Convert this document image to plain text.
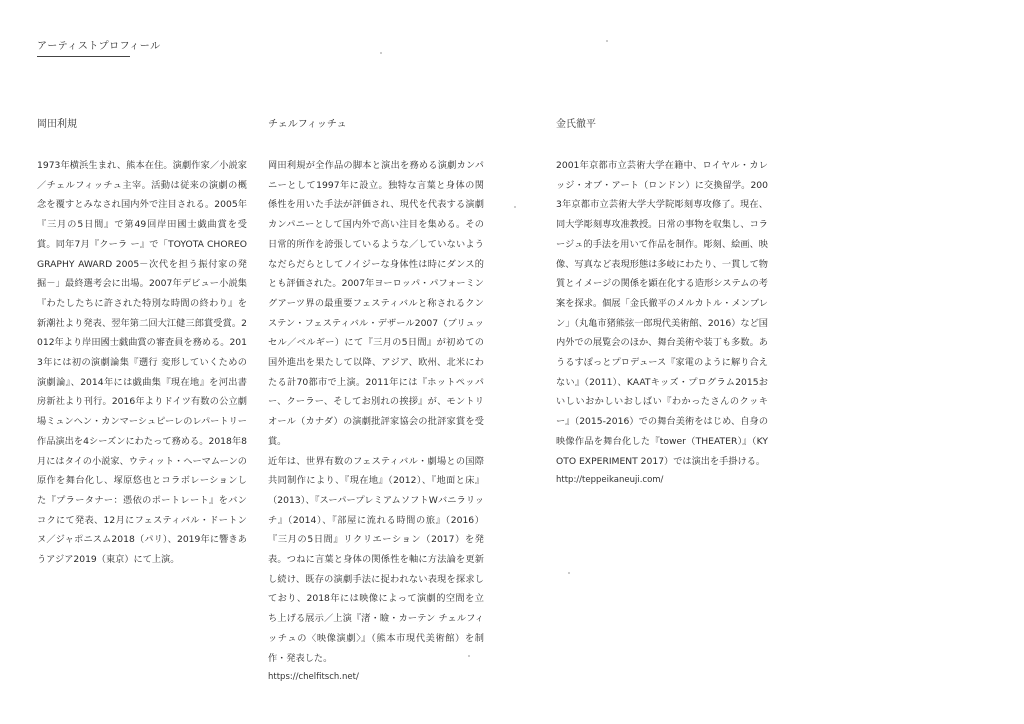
アーティストプロフィール
岡田利規
1973年横浜生まれ、熊本在住。演劇作家／小説家／チェルフィッチュ主宰。活動は従来の演劇の概念を覆すとみなされ国内外で注目される。2005年『三月の5日間』で第49回岸田國士戯曲賞を受賞。同年7月『クーラ ー』で「TOYOTA CHOREOGRAPHY AWARD 2005－次代を担う振付家の発掘－」最終選考会に出場。2007年デビュー小説集『わたしたちに許された特別な時間の終わり』を新潮社より発表、翌年第二回大江健三郎賞受賞。2012年より岸田國士戯曲賞の審査員を務める。2013年には初の演劇論集『遡行 変形していくための演劇論』、2014年には戯曲集『現在地』を河出書房新社より刊行。2016年よりドイツ有数の公立劇場ミュンヘン・カンマーシュピーレのレパートリー作品演出を4シーズンにわたって務める。2018年8月にはタイの小説家、ウティット・ヘーマムーンの原作を舞台化し、塚原悠也とコラボレーションした『プラータナー：憑依のポートレート』をバンコクにて発表、12月にフェスティバル・ドートンヌ／ジャポニスム2018（パリ）、2019年に響きあうアジア2019（東京）にて上演。
チェルフィッチュ
岡田利規が全作品の脚本と演出を務める演劇カンパニーとして1997年に設立。独特な言葉と身体の関係性を用いた手法が評価され、現代を代表する演劇カンパニーとして国内外で高い注目を集める。その日常的所作を誇張しているような／していないようなだらだらとしてノイジーな身体性は時にダンス的とも評価された。2007年ヨーロッパ・パフォーミングアーツ界の最重要フェスティバルと称されるクンステン・フェスティバル・デザール2007（ブリュッセル／ベルギー）にて『三月の5日間』が初めての国外進出を果たして以降、アジア、欧州、北米にわたる計70都市で上演。2011年には『ホットペッパー、クーラー、そしてお別れの挨拶』が、モントリオール（カナダ）の演劇批評家協会の批評家賞を受賞。
近年は、世界有数のフェスティバル・劇場との国際共同制作により、『現在地』（2012）、『地面と床』（2013）、『スーパープレミアムソフトWバニラリッチ』（2014）、『部屋に流れる時間の旅』（2016）『三月の5日間』リクリエーション（2017）を発表。つねに言葉と身体の関係性を軸に方法論を更新し続け、既存の演劇手法に捉われない表現を探求しており、2018年には映像によって演劇的空間を立ち上げる展示／上演『渚・瞼・カーテン チェルフィッチュの〈映像演劇〉』（熊本市現代美術館）を制作・発表した。
https://chelfitsch.net/
金氏徹平
2001年京都市立芸術大学在籍中、ロイヤル・カレッジ・オブ・アート（ロンドン）に交換留学。2003年京都市立芸術大学大学院彫刻専攻修了。現在、同大学彫刻専攻准教授。日常の事物を収集し、コラージュ的手法を用いて作品を制作。彫刻、絵画、映像、写真など表現形態は多岐にわたり、一貫して物質とイメージの関係を顕在化する造形システムの考案を探求。個展「金氏徹平のメルカトル・メンブレン」（丸亀市猪熊弦一郎現代美術館、2016）など国内外での展覧会のほか、舞台美術や装丁も多数。あうるすぽっとプロデュース『家電のように解り合えない』（2011）、KAATキッズ・プログラム2015おいしいおかしいおしばい『わかったさんのクッキー』（2015-2016）での舞台美術をはじめ、自身の映像作品を舞台化した『tower（THEATER）』（KYOTO EXPERIMENT 2017）では演出を手掛ける。
http://teppeikaneuji.com/
